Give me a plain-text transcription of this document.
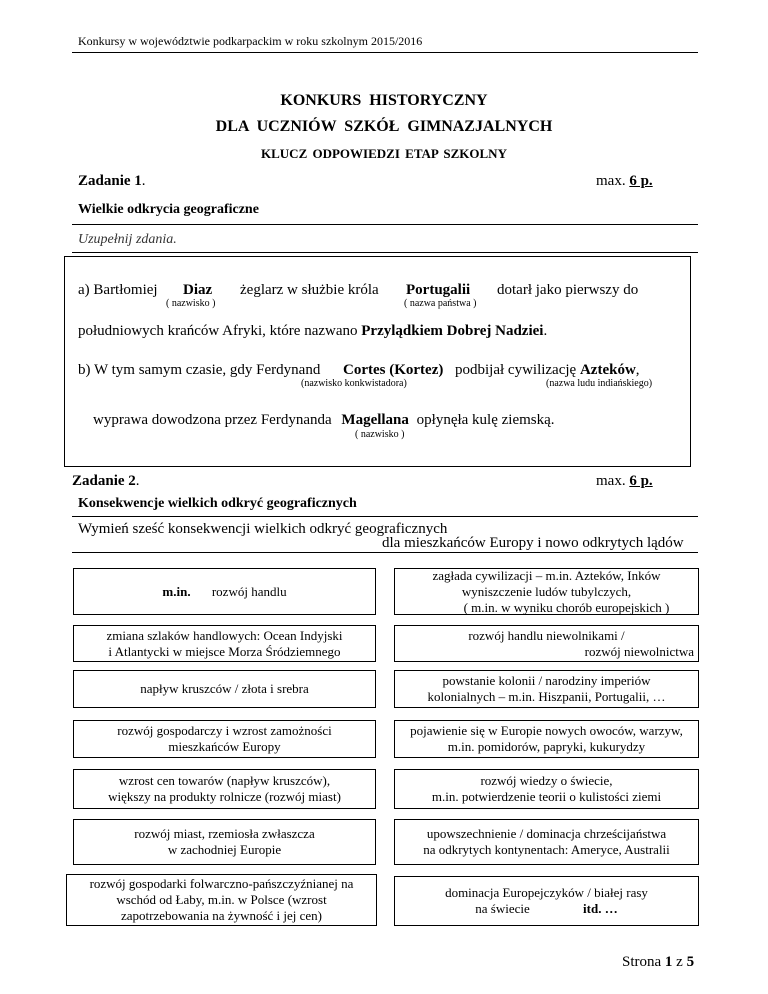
Konkursy w województwie podkarpackim w roku szkolnym 2015/2016
KONKURS HISTORYCZNY
DLA UCZNIÓW SZKÓŁ GIMNAZJALNYCH
KLUCZ ODPOWIEDZI ETAP SZKOLNY
Zadanie 1.	max. 6 p.
Wielkie odkrycia geograficzne
Uzupełnij zdania.
a) Bartłomiej Diaz
( nazwisko )
żeglarz w służbie króla Portugalii
( nazwa państwa )
dotarł jako pierwszy do
południowych krańców Afryki, które nazwano Przylądkiem Dobrej Nadziei.
b) W tym samym czasie, gdy Ferdynand Cortes (Kortez)
(nazwisko konkwistadora)
podbijał cywilizację Azteków,
(nazwa ludu indiańskiego)
wyprawa dowodzona przez Ferdynanda Magellana opłynęła kulę ziemską.
( nazwisko )
Zadanie 2.	max. 6 p.
Konsekwencje wielkich odkryć geograficznych
Wymień sześć konsekwencji wielkich odkryć geograficznych
dla mieszkańców Europy i nowo odkrytych lądów
m.in. rozwój handlu
zmiana szlaków handlowych: Ocean Indyjski
i Atlantycki w miejsce Morza Śródziemnego
napływ kruszców / złota i srebra
rozwój gospodarczy i wzrost zamożności
mieszkańców Europy
wzrost cen towarów (napływ kruszców),
większy na produkty rolnicze (rozwój miast)
rozwój miast, rzemiosła zwłaszcza
w zachodniej Europie
rozwój gospodarki folwarczno-pańszczyźnianej na
wschód od Łaby, m.in. w Polsce (wzrost
zapotrzebowania na żywność i jej cen)
zagłada cywilizacji – m.in. Azteków, Inków
wyniszczenie ludów tubylczych,
( m.in. w wyniku chorób europejskich )
rozwój handlu niewolnikami /
rozwój niewolnictwa
powstanie kolonii / narodziny imperiów
kolonialnych – m.in. Hiszpanii, Portugalii, …
pojawienie się w Europie nowych owoców, warzyw,
m.in. pomidorów, papryki, kukurydzy
rozwój wiedzy o świecie,
m.in. potwierdzenie teorii o kulistości ziemi
upowszechnienie / dominacja chrześcijaństwa
na odkrytych kontynentach: Ameryce, Australii
dominacja Europejczyków / białej rasy
na świecie	itd. …
Strona 1 z 5
